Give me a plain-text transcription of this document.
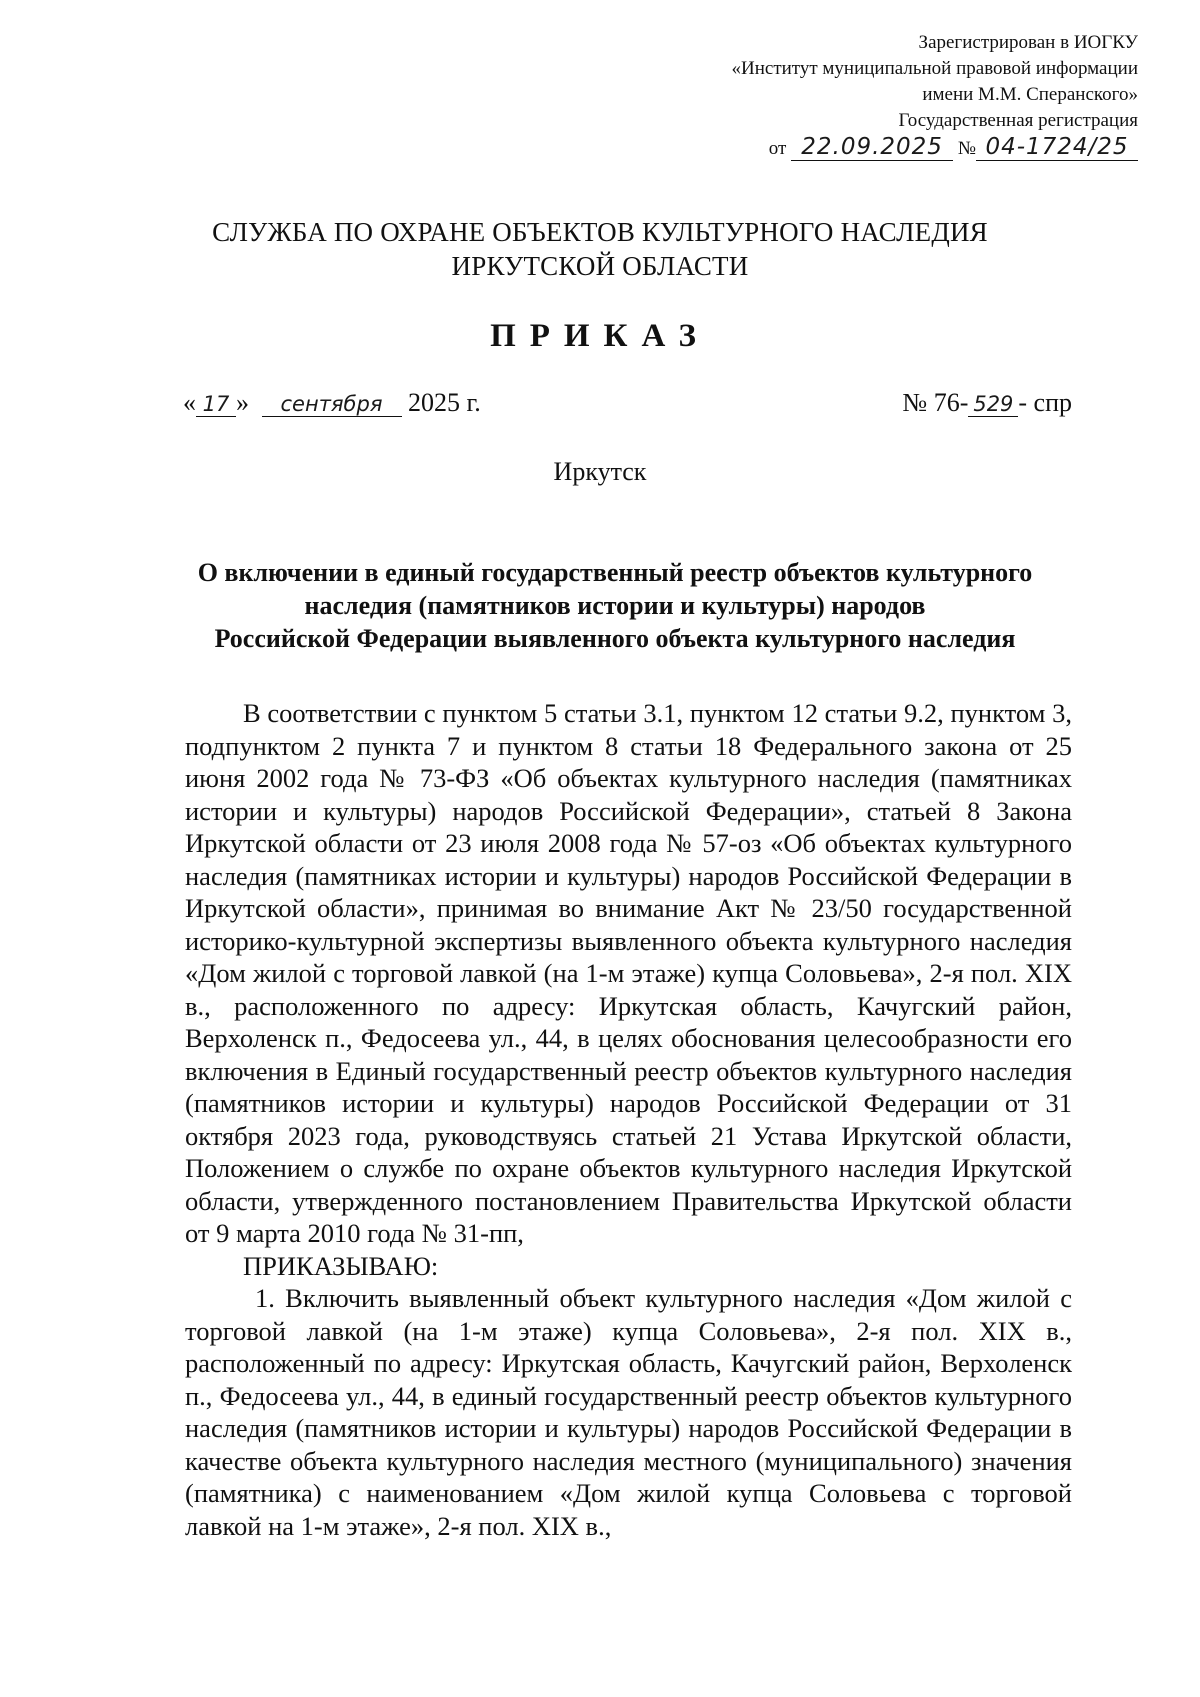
Зарегистрирован в ИОГКУ
«Институт муниципальной правовой информации
имени М.М. Сперанского»
Государственная регистрация
от 22.09.2025 № 04-1724/25
СЛУЖБА ПО ОХРАНЕ ОБЪЕКТОВ КУЛЬТУРНОГО НАСЛЕДИЯ
ИРКУТСКОЙ ОБЛАСТИ
ПРИКАЗ
« 17 » сентября 2025 г.	№ 76- 529 - спр
Иркутск
О включении в единый государственный реестр объектов культурного
наследия (памятников истории и культуры) народов
Российской Федерации выявленного объекта культурного наследия

В соответствии с пунктом 5 статьи 3.1, пунктом 12 статьи 9.2, пунктом 3, подпунктом 2 пункта 7 и пунктом 8 статьи 18 Федерального закона от 25 июня 2002 года № 73-ФЗ «Об объектах культурного наследия (памятниках истории и культуры) народов Российской Федерации», статьей 8 Закона Иркутской области от 23 июля 2008 года № 57-оз «Об объектах культурного наследия (памятниках истории и культуры) народов Российской Федерации в Иркутской области», принимая во внимание Акт № 23/50 государственной историко-культурной экспертизы выявленного объекта культурного наследия «Дом жилой с торговой лавкой (на 1-м этаже) купца Соловьева», 2-я пол. XIX в., расположенного по адресу: Иркутская область, Качугский район, Верхоленск п., Федосеева ул., 44, в целях обоснования целесообразности его включения в Единый государственный реестр объектов культурного наследия (памятников истории и культуры) народов Российской Федерации от 31 октября 2023 года, руководствуясь статьей 21 Устава Иркутской области, Положением о службе по охране объектов культурного наследия Иркутской области, утвержденного постановлением Правительства Иркутской области от 9 марта 2010 года № 31-пп,

ПРИКАЗЫВАЮ:

1. Включить выявленный объект культурного наследия «Дом жилой с торговой лавкой (на 1-м этаже) купца Соловьева», 2-я пол. XIX в., расположенный по адресу: Иркутская область, Качугский район, Верхоленск п., Федосеева ул., 44, в единый государственный реестр объектов культурного наследия (памятников истории и культуры) народов Российской Федерации в качестве объекта культурного наследия местного (муниципального) значения (памятника) с наименованием «Дом жилой купца Соловьева с торговой лавкой на 1-м этаже», 2-я пол. XIX в.,
